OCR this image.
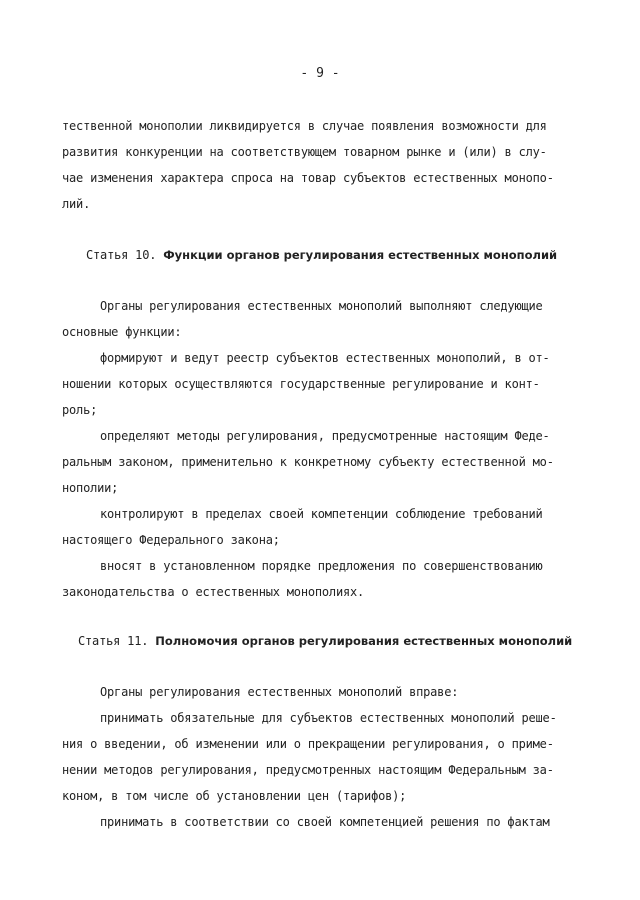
- 9 -
тественной монополии ликвидируется в случае появления возможности для
развития конкуренции на соответствующем товарном рынке и (или) в слу-
чае изменения характера спроса на товар субъектов естественных монопо-
лий.
Статья 10. Функции органов регулирования естественных монополий
Органы регулирования естественных монополий выполняют следующие
основные функции:
формируют и ведут реестр субъектов естественных монополий, в от-
ношении которых осуществляются государственные регулирование и конт-
роль;
определяют методы регулирования, предусмотренные настоящим Феде-
ральным законом, применительно к конкретному субъекту естественной мо-
нополии;
контролируют в пределах своей компетенции соблюдение требований
настоящего Федерального закона;
вносят в установленном порядке предложения по совершенствованию
законодательства о естественных монополиях.
Статья 11. Полномочия органов регулирования естественных монополий
Органы регулирования естественных монополий вправе:
принимать обязательные для субъектов естественных монополий реше-
ния о введении, об изменении или о прекращении регулирования, о приме-
нении методов регулирования, предусмотренных настоящим Федеральным за-
коном, в том числе об установлении цен (тарифов);
принимать в соответствии со своей компетенцией решения по фактам
